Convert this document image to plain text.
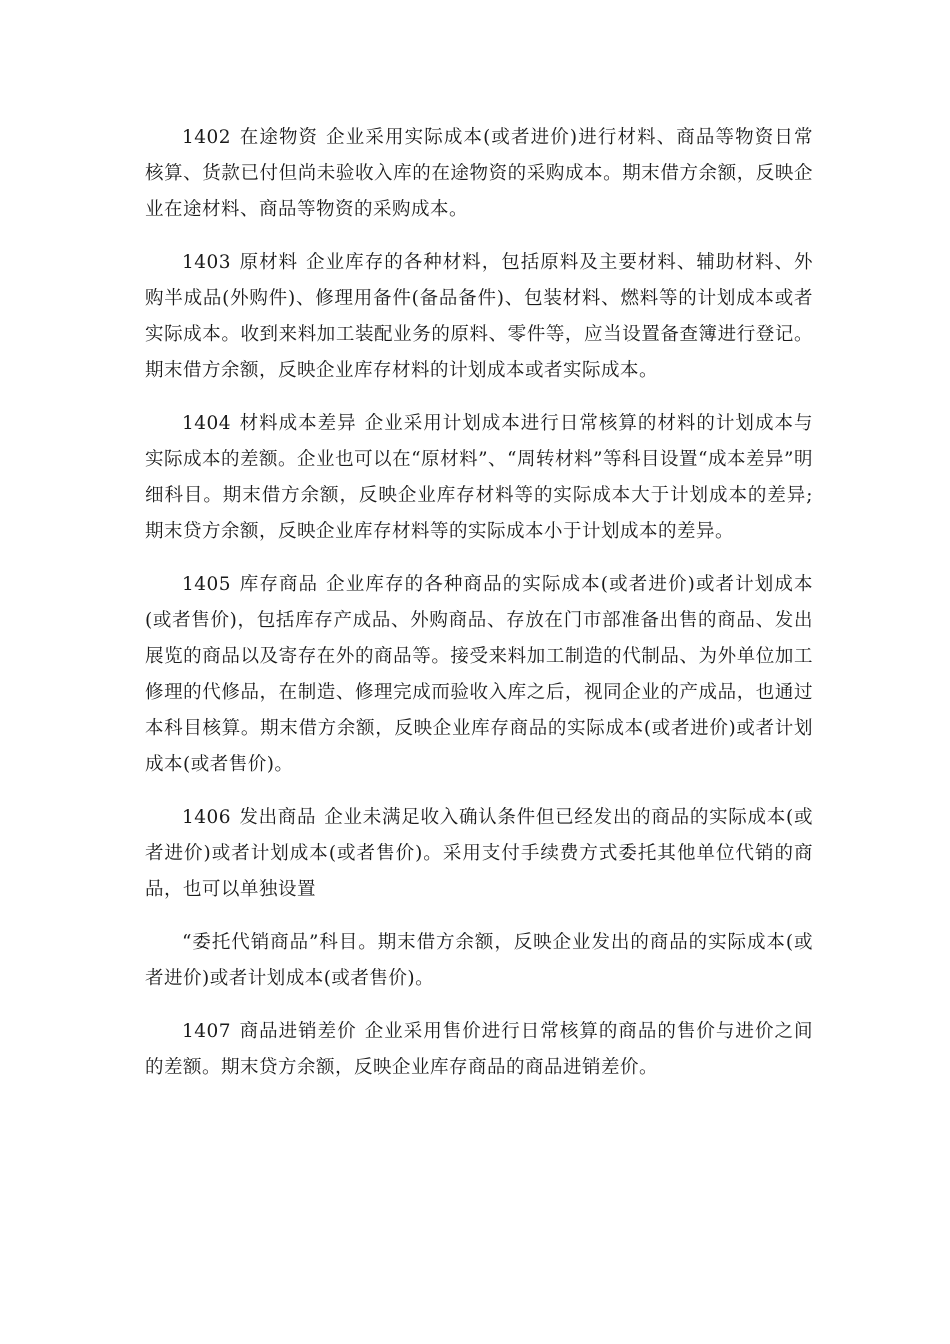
1402 在途物资 企业采用实际成本(或者进价)进行材料、商品等物资日常核算、货款已付但尚未验收入库的在途物资的采购成本。期末借方余额，反映企业在途材料、商品等物资的采购成本。

1403 原材料 企业库存的各种材料，包括原料及主要材料、辅助材料、外购半成品(外购件)、修理用备件(备品备件)、包装材料、燃料等的计划成本或者实际成本。收到来料加工装配业务的原料、零件等，应当设置备查簿进行登记。期末借方余额，反映企业库存材料的计划成本或者实际成本。

1404 材料成本差异 企业采用计划成本进行日常核算的材料的计划成本与实际成本的差额。企业也可以在“原材料”、“周转材料”等科目设置“成本差异”明细科目。期末借方余额，反映企业库存材料等的实际成本大于计划成本的差异;期末贷方余额，反映企业库存材料等的实际成本小于计划成本的差异。

1405 库存商品 企业库存的各种商品的实际成本(或者进价)或者计划成本(或者售价)，包括库存产成品、外购商品、存放在门市部准备出售的商品、发出展览的商品以及寄存在外的商品等。接受来料加工制造的代制品、为外单位加工修理的代修品，在制造、修理完成而验收入库之后，视同企业的产成品，也通过本科目核算。期末借方余额，反映企业库存商品的实际成本(或者进价)或者计划成本(或者售价)。

1406 发出商品 企业未满足收入确认条件但已经发出的商品的实际成本(或者进价)或者计划成本(或者售价)。采用支付手续费方式委托其他单位代销的商品，也可以单独设置

“委托代销商品”科目。期末借方余额，反映企业发出的商品的实际成本(或者进价)或者计划成本(或者售价)。

1407 商品进销差价 企业采用售价进行日常核算的商品的售价与进价之间的差额。期末贷方余额，反映企业库存商品的商品进销差价。
